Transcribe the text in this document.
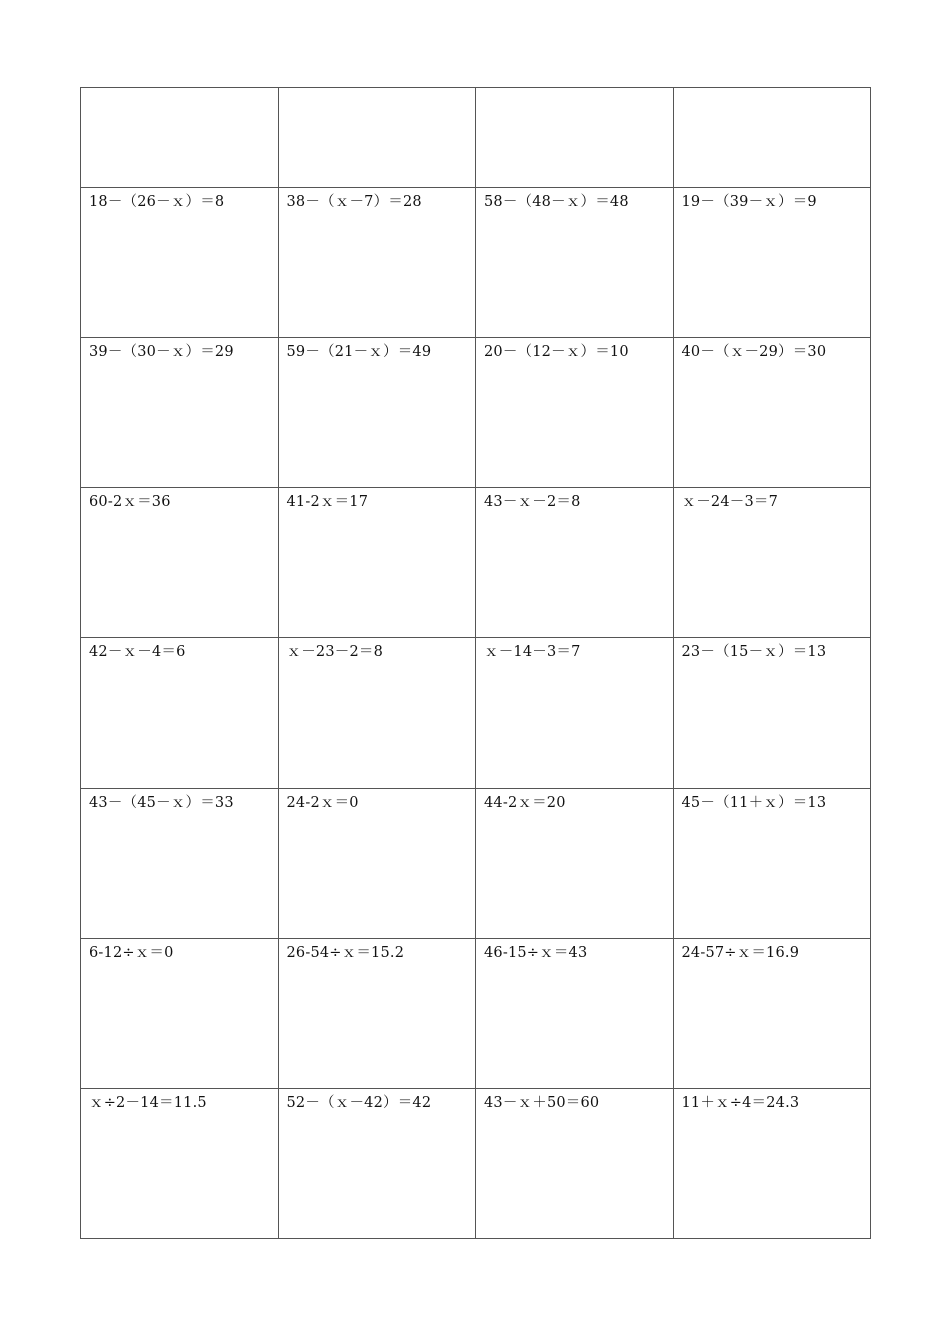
18－（26－ｘ）＝8	38－（ｘ－7）＝28	58－（48－ｘ）＝48	19－（39－ｘ）＝9

39－（30－ｘ）＝29	59－（21－ｘ）＝49	20－（12－ｘ）＝10	40－（ｘ－29）＝30

60-2ｘ＝36	41-2ｘ＝17	43－ｘ－2＝8	ｘ－24－3＝7

42－ｘ－4＝6	ｘ－23－2＝8	ｘ－14－3＝7	23－（15－ｘ）＝13

43－（45－ｘ）＝33	24-2ｘ＝0	44-2ｘ＝20	45－（11＋ｘ）＝13

6-12÷ｘ＝0	26-54÷ｘ＝15.2	46-15÷ｘ＝43	24-57÷ｘ＝16.9

ｘ÷2－14＝11.5	52－（ｘ－42）＝42	43－ｘ＋50＝60	11＋ｘ÷4＝24.3
